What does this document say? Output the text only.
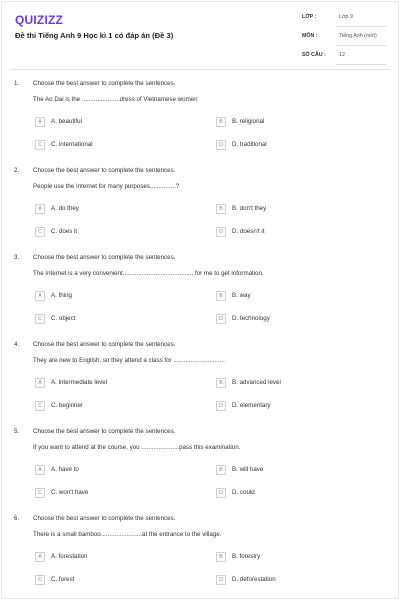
QUIZIZZ
Đề thi Tiếng Anh 9 Học kì 1 có đáp án (Đề 3)
LỚP :	Lớp 9
MÔN :	Tiếng Anh (mới)
SỐ CÂU : 12
1. Choose the best answer to complete the sentences.
The Ao Dai is the ......................dress of Vietnamese women
A	A. beautiful	B	B. religional
C	C. international	D	D. traditional
2. Choose the best answer to complete the sentences.
People use the Internet for many purposes,..............?
A	A. do they	B	B. don't they
C	C. does it	D	D. doesn't it
3. Choose the best answer to complete the sentences.
The Internet is a very convenient......................................... for me to get information.
A	A. thing	B	B. way
C	C. object	D	D. technology
4. Choose the best answer to complete the sentences.
They are new to English, so they attend a class for ..............................
A	A. intermediate level	B	B. advanced level
C	C. beginner	D	D. elementary
5. Choose the best answer to complete the sentences.
If you want to attend at the course, you ......................pass this examination.
A	A. have to	B	B. will have
C	C. won't have	D	D. could
6. Choose the best answer to complete the sentences.
There is a small bamboo........................at the entrance to the village.
A	A. forestation	B	B. forestry
C	C. forest	D	D. deforestation
